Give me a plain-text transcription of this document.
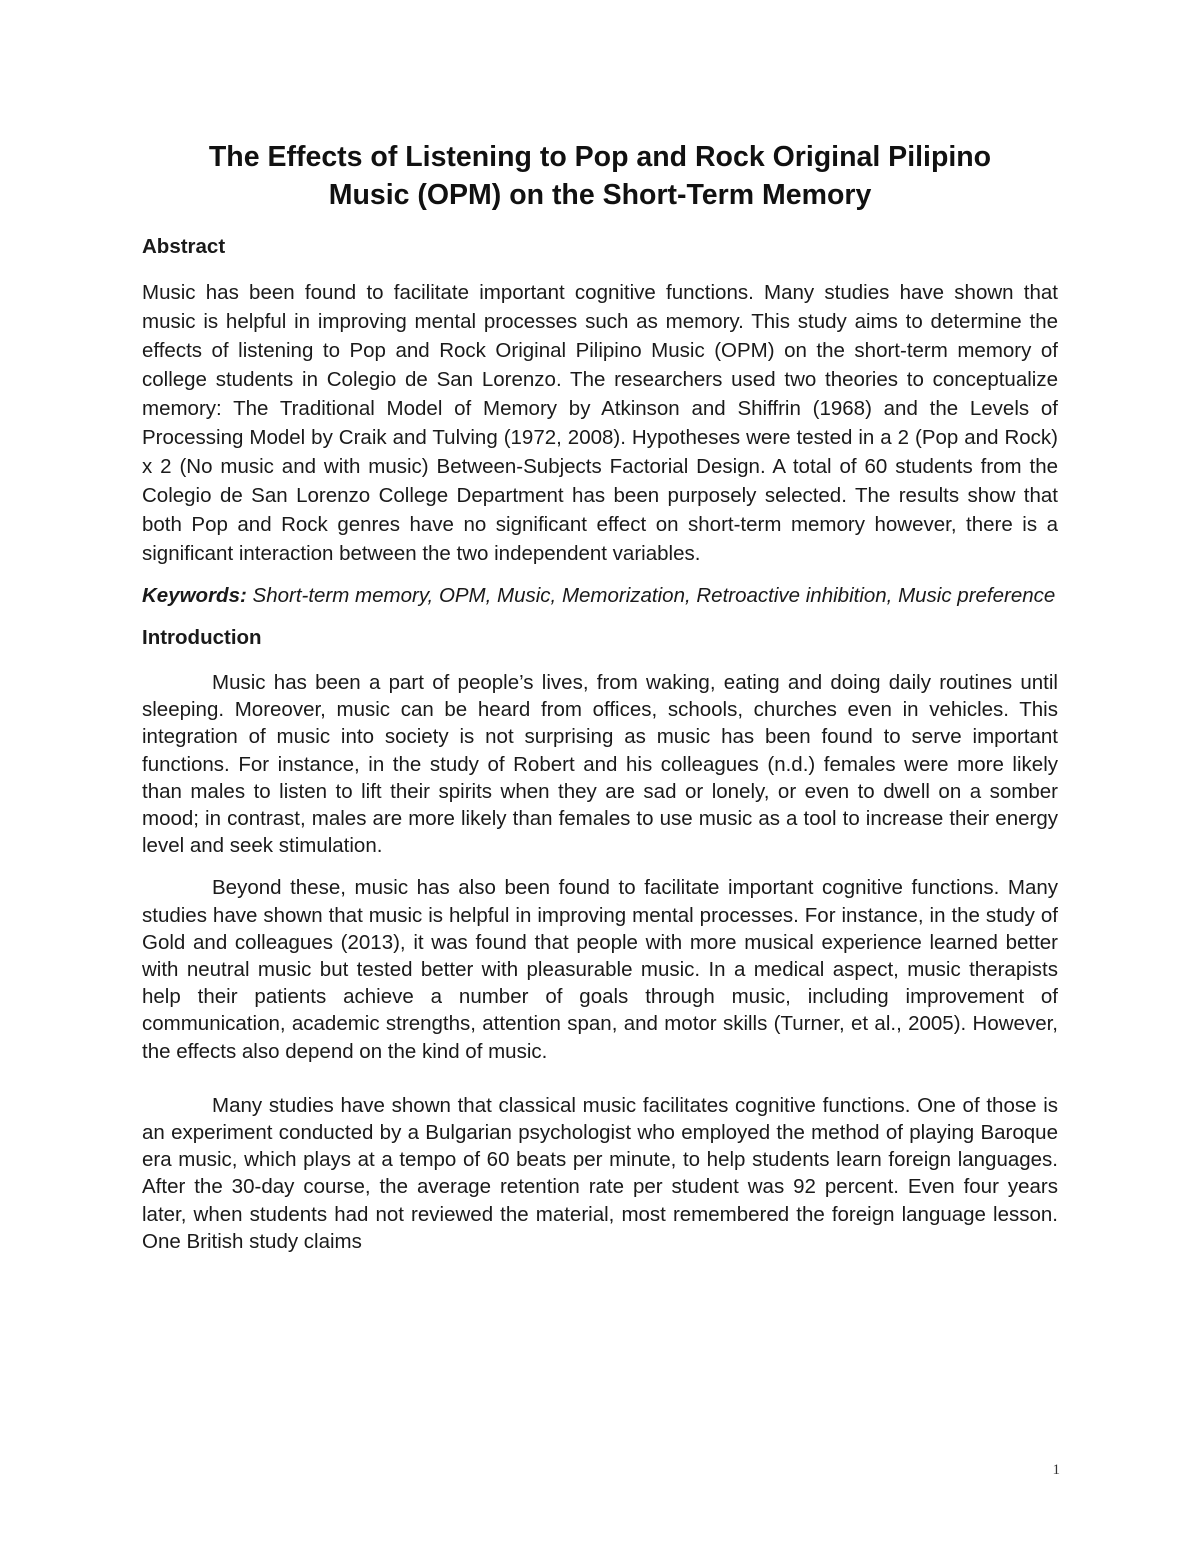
The Effects of Listening to Pop and Rock Original Pilipino
Music (OPM) on the Short-Term Memory
Abstract

Music has been found to facilitate important cognitive functions. Many studies have shown that music is helpful in improving mental processes such as memory. This study aims to determine the effects of listening to Pop and Rock Original Pilipino Music (OPM) on the short-term memory of college students in Colegio de San Lorenzo. The researchers used two theories to conceptualize memory: The Traditional Model of Memory by Atkinson and Shiffrin (1968) and the Levels of Processing Model by Craik and Tulving (1972, 2008). Hypotheses were tested in a 2 (Pop and Rock) x 2 (No music and with music) Between-Subjects Factorial Design. A total of 60 students from the Colegio de San Lorenzo College Department has been purposely selected. The results show that both Pop and Rock genres have no significant effect on short-term memory however, there is a significant interaction between the two independent variables.

Keywords: Short-term memory, OPM, Music, Memorization, Retroactive inhibition, Music preference

Introduction

Music has been a part of people’s lives, from waking, eating and doing daily routines until sleeping. Moreover, music can be heard from offices, schools, churches even in vehicles. This integration of music into society is not surprising as music has been found to serve important functions. For instance, in the study of Robert and his colleagues (n.d.) females were more likely than males to listen to lift their spirits when they are sad or lonely, or even to dwell on a somber mood; in contrast, males are more likely than females to use music as a tool to increase their energy level and seek stimulation.

Beyond these, music has also been found to facilitate important cognitive functions. Many studies have shown that music is helpful in improving mental processes. For instance, in the study of Gold and colleagues (2013), it was found that people with more musical experience learned better with neutral music but tested better with pleasurable music. In a medical aspect, music therapists help their patients achieve a number of goals through music, including improvement of communication, academic strengths, attention span, and motor skills (Turner, et al., 2005). However, the effects also depend on the kind of music.

Many studies have shown that classical music facilitates cognitive functions. One of those is an experiment conducted by a Bulgarian psychologist who employed the method of playing Baroque era music, which plays at a tempo of 60 beats per minute, to help students learn foreign languages. After the 30-day course, the average retention rate per student was 92 percent. Even four years later, when students had not reviewed the material, most remembered the foreign language lesson. One British study claims

1
